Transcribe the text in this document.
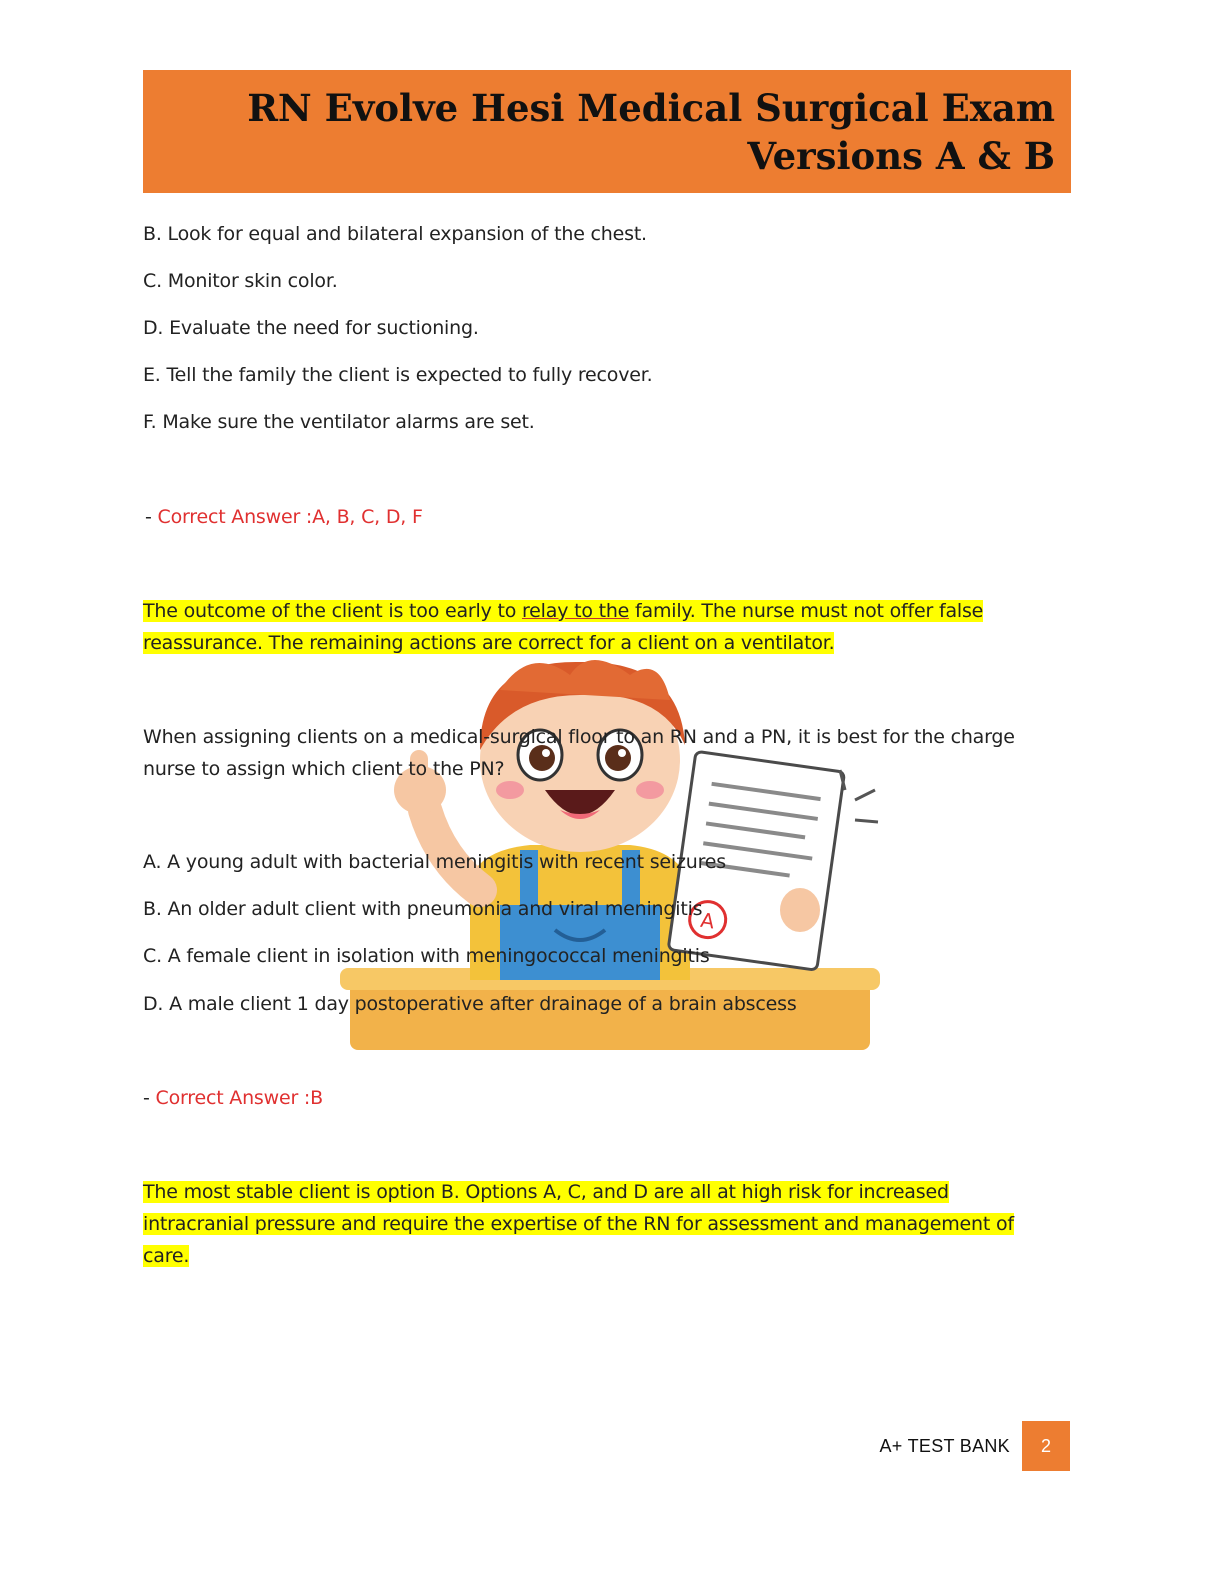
RN Evolve Hesi Medical Surgical Exam
Versions A & B
A
B. Look for equal and bilateral expansion of the chest.
C. Monitor skin color.
D. Evaluate the need for suctioning.
E. Tell the family the client is expected to fully recover.
F. Make sure the ventilator alarms are set.
- Correct Answer :A, B, C, D, F
The outcome of the client is too early to relay to the family. The nurse must not offer false
reassurance. The remaining actions are correct for a client on a ventilator.
When assigning clients on a medical-surgical floor to an RN and a PN, it is best for the charge
nurse to assign which client to the PN?
A. A young adult with bacterial meningitis with recent seizures
B. An older adult client with pneumonia and viral meningitis
C. A female client in isolation with meningococcal meningitis
D. A male client 1 day postoperative after drainage of a brain abscess
- Correct Answer :B
The most stable client is option B. Options A, C, and D are all at high risk for increased
intracranial pressure and require the expertise of the RN for assessment and management of
care.
A+ TEST BANK	2
